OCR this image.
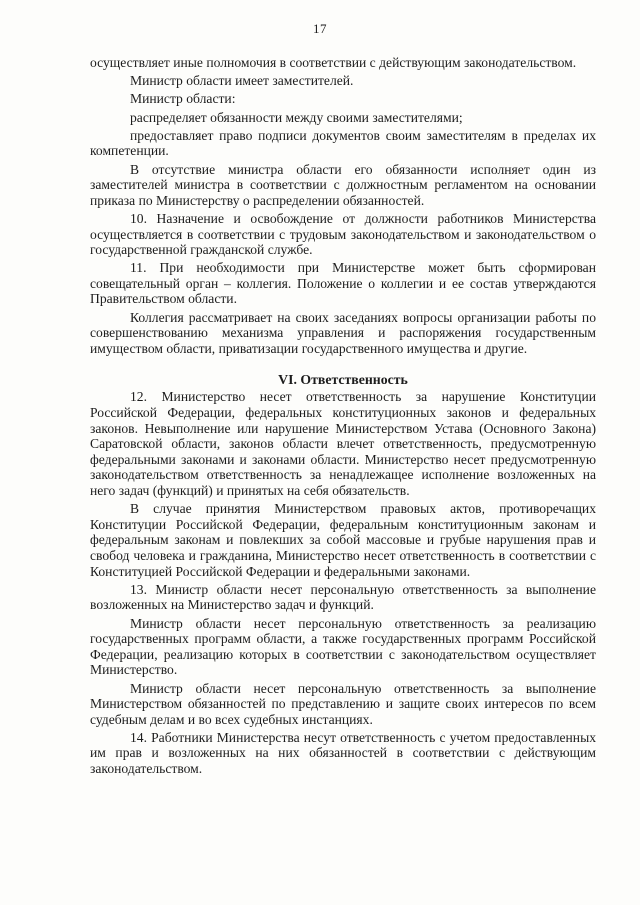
17

осуществляет иные полномочия в соответствии с действующим законодательством.

Министр области имеет заместителей.

Министр области:

распределяет обязанности между своими заместителями;

предоставляет право подписи документов своим заместителям в пределах их компетенции.

В отсутствие министра области его обязанности исполняет один из заместителей министра в соответствии с должностным регламентом на основании приказа по Министерству о распределении обязанностей.

10. Назначение и освобождение от должности работников Министерства осуществляется в соответствии с трудовым законодательством и законодательством о государственной гражданской службе.

11. При необходимости при Министерстве может быть сформирован совещательный орган – коллегия. Положение о коллегии и ее состав утверждаются Правительством области.

Коллегия рассматривает на своих заседаниях вопросы организации работы по совершенствованию механизма управления и распоряжения государственным имуществом области, приватизации государственного имущества и другие.

VI. Ответственность

12. Министерство несет ответственность за нарушение Конституции Российской Федерации, федеральных конституционных законов и федеральных законов. Невыполнение или нарушение Министерством Устава (Основного Закона) Саратовской области, законов области влечет ответственность, предусмотренную федеральными законами и законами области. Министерство несет предусмотренную законодательством ответственность за ненадлежащее исполнение возложенных на него задач (функций) и принятых на себя обязательств.

В случае принятия Министерством правовых актов, противоречащих Конституции Российской Федерации, федеральным конституционным законам и федеральным законам и повлекших за собой массовые и грубые нарушения прав и свобод человека и гражданина, Министерство несет ответственность в соответствии с Конституцией Российской Федерации и федеральными законами.

13. Министр области несет персональную ответственность за выполнение возложенных на Министерство задач и функций.

Министр области несет персональную ответственность за реализацию государственных программ области, а также государственных программ Российской Федерации, реализацию которых в соответствии с законодательством осуществляет Министерство.

Министр области несет персональную ответственность за выполнение Министерством обязанностей по представлению и защите своих интересов по всем судебным делам и во всех судебных инстанциях.

14. Работники Министерства несут ответственность с учетом предоставленных им прав и возложенных на них обязанностей в соответствии с действующим законодательством.
